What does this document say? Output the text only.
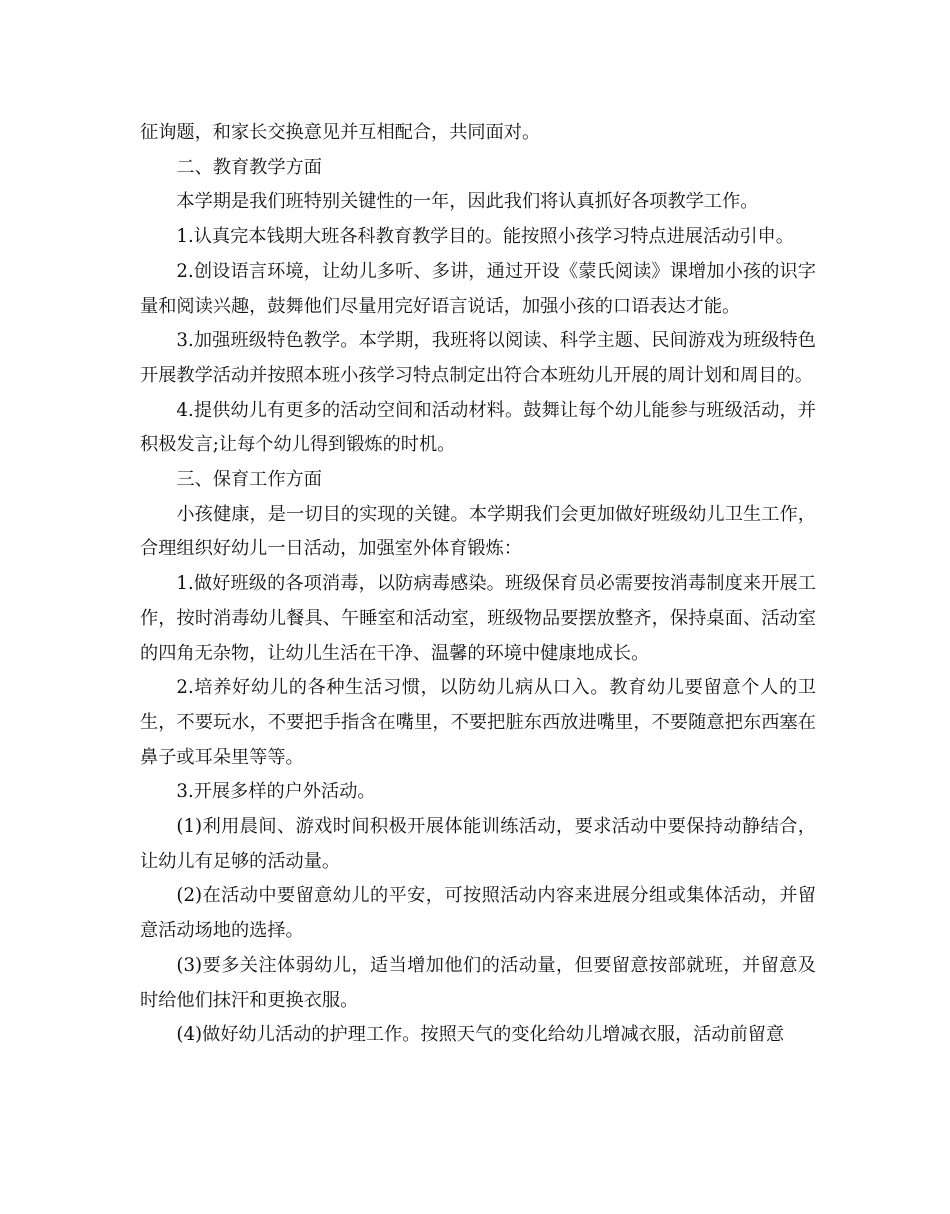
征询题，和家长交换意见并互相配合，共同面对。

二、教育教学方面

本学期是我们班特别关键性的一年，因此我们将认真抓好各项教学工作。

1.认真完本钱期大班各科教育教学目的。能按照小孩学习特点进展活动引申。

2.创设语言环境，让幼儿多听、多讲，通过开设《蒙氏阅读》课增加小孩的识字量和阅读兴趣，鼓舞他们尽量用完好语言说话，加强小孩的口语表达才能。

3.加强班级特色教学。本学期，我班将以阅读、科学主题、民间游戏为班级特色开展教学活动并按照本班小孩学习特点制定出符合本班幼儿开展的周计划和周目的。

4.提供幼儿有更多的活动空间和活动材料。鼓舞让每个幼儿能参与班级活动，并积极发言;让每个幼儿得到锻炼的时机。

三、保育工作方面

小孩健康，是一切目的实现的关键。本学期我们会更加做好班级幼儿卫生工作，合理组织好幼儿一日活动，加强室外体育锻炼：

1.做好班级的各项消毒，以防病毒感染。班级保育员必需要按消毒制度来开展工作，按时消毒幼儿餐具、午睡室和活动室，班级物品要摆放整齐，保持桌面、活动室的四角无杂物，让幼儿生活在干净、温馨的环境中健康地成长。

2.培养好幼儿的各种生活习惯，以防幼儿病从口入。教育幼儿要留意个人的卫生，不要玩水，不要把手指含在嘴里，不要把脏东西放进嘴里，不要随意把东西塞在鼻子或耳朵里等等。

3.开展多样的户外活动。

(1)利用晨间、游戏时间积极开展体能训练活动，要求活动中要保持动静结合，让幼儿有足够的活动量。

(2)在活动中要留意幼儿的平安，可按照活动内容来进展分组或集体活动，并留意活动场地的选择。

(3)要多关注体弱幼儿，适当增加他们的活动量，但要留意按部就班，并留意及时给他们抹汗和更换衣服。

(4)做好幼儿活动的护理工作。按照天气的变化给幼儿增减衣服，活动前留意
